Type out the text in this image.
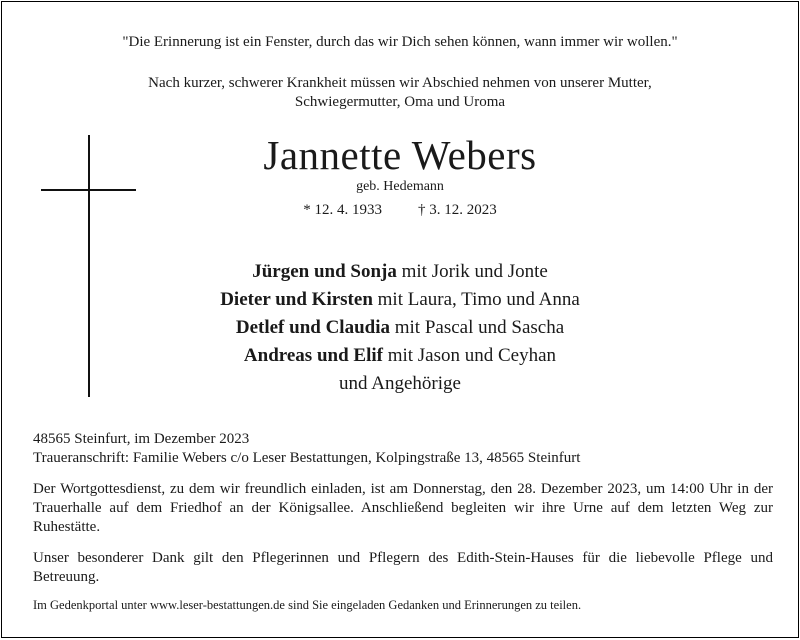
"Die Erinnerung ist ein Fenster, durch das wir Dich sehen können, wann immer wir wollen."
Nach kurzer, schwerer Krankheit müssen wir Abschied nehmen von unserer Mutter,
Schwiegermutter, Oma und Uroma
Jannette Webers
geb. Hedemann
* 12. 4. 1933 † 3. 12. 2023
Jürgen und Sonja mit Jorik und Jonte
Dieter und Kirsten mit Laura, Timo und Anna
Detlef und Claudia mit Pascal und Sascha
Andreas und Elif mit Jason und Ceyhan
und Angehörige
48565 Steinfurt, im Dezember 2023
Traueranschrift: Familie Webers c/o Leser Bestattungen, Kolpingstraße 13, 48565 Steinfurt
Der Wortgottesdienst, zu dem wir freundlich einladen, ist am Donnerstag, den 28. Dezember 2023, um 14:00 Uhr in der Trauerhalle auf dem Friedhof an der Königsallee. Anschließend begleiten wir ihre Urne auf dem letzten Weg zur Ruhestätte.
Unser besonderer Dank gilt den Pflegerinnen und Pflegern des Edith-Stein-Hauses für die liebevolle Pflege und Betreuung.
Im Gedenkportal unter www.leser-bestattungen.de sind Sie eingeladen Gedanken und Erinnerungen zu teilen.
